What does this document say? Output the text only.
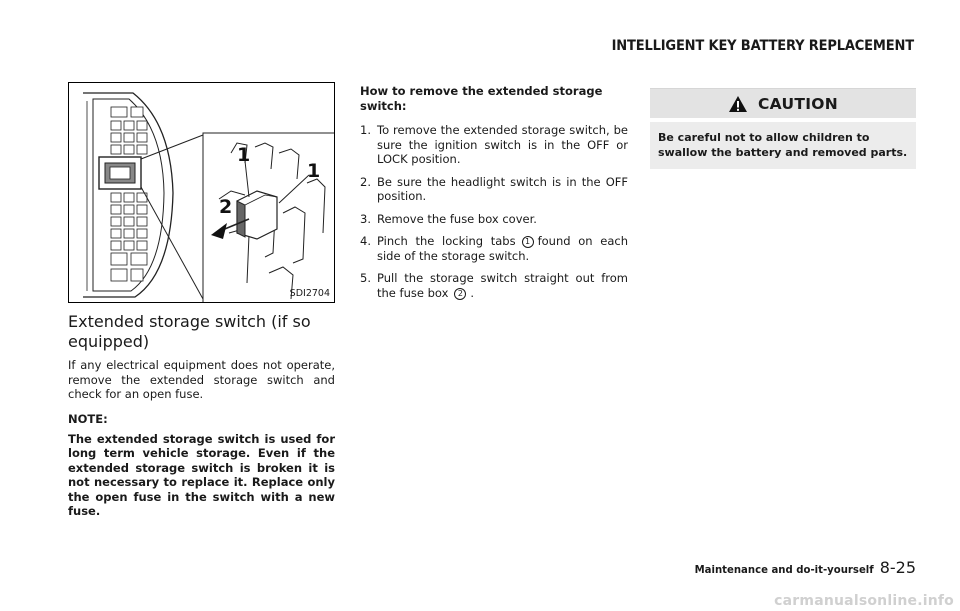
INTELLIGENT KEY BATTERY REPLACEMENT
1
1
2
SDI2704
Extended storage switch (if so equipped)

If any electrical equipment does not operate, remove the extended storage switch and check for an open fuse.

NOTE:

The extended storage switch is used for long term vehicle storage. Even if the extended storage switch is broken it is not necessary to replace it. Replace only the open fuse in the switch with a new fuse.

How to remove the extended storage switch:

1. To remove the extended storage switch, be sure the ignition switch is in the OFF or LOCK position.
2. Be sure the headlight switch is in the OFF position.
3. Remove the fuse box cover.
4. Pinch the locking tabs 1 found on each side of the storage switch.
5. Pull the storage switch straight out from the fuse box 2 .
CAUTION
Be careful not to allow children to swallow the battery and removed parts.
Maintenance and do-it-yourself 8-25
carmanualsonline.info
